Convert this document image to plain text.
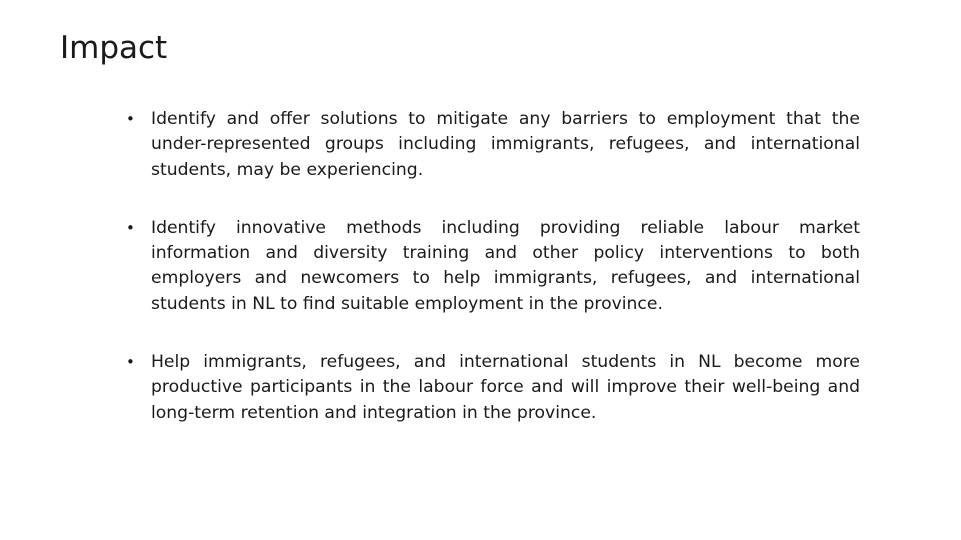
Impact
• Identify and offer solutions to mitigate any barriers to employment that the under-represented groups including immigrants, refugees, and international students, may be experiencing.
• Identify innovative methods including providing reliable labour market information and diversity training and other policy interventions to both employers and newcomers to help immigrants, refugees, and international students in NL to find suitable employment in the province.
• Help immigrants, refugees, and international students in NL become more productive participants in the labour force and will improve their well-being and long-term retention and integration in the province.
